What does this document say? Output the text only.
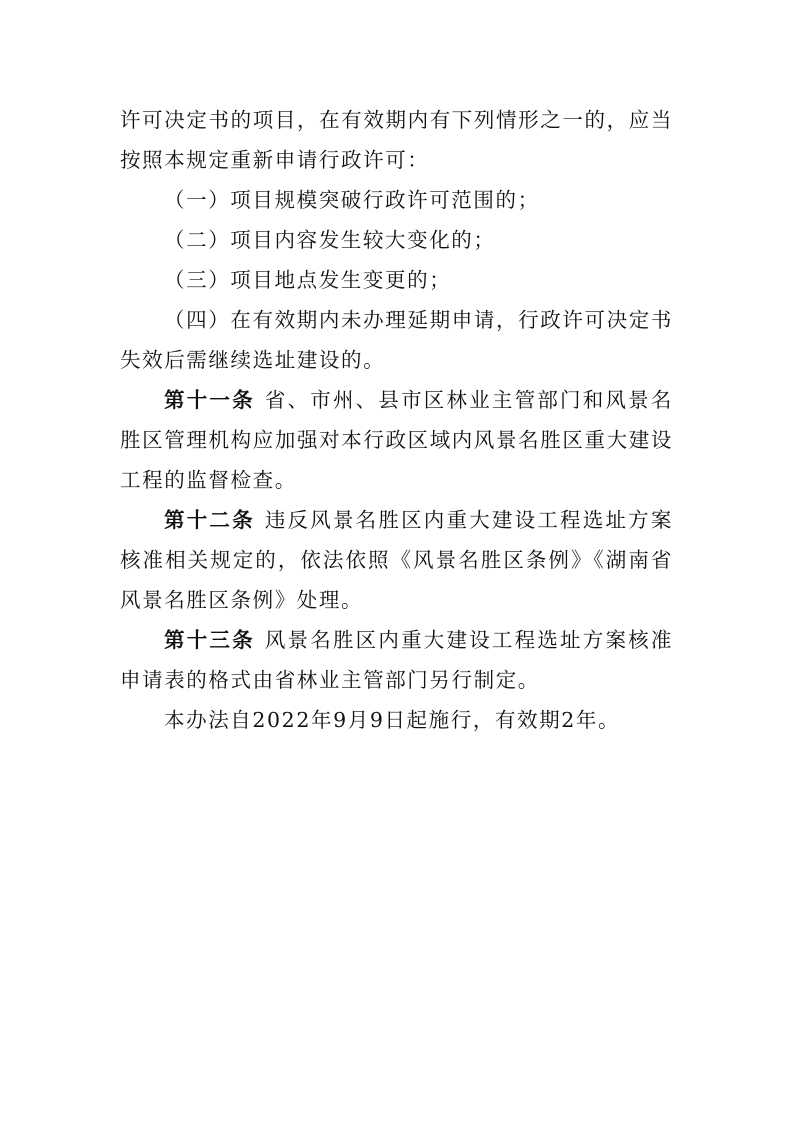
许可决定书的项目，在有效期内有下列情形之一的，应当按照本规定重新申请行政许可：

（一）项目规模突破行政许可范围的；

（二）项目内容发生较大变化的；

（三）项目地点发生变更的；

（四）在有效期内未办理延期申请，行政许可决定书失效后需继续选址建设的。

第十一条 省、市州、县市区林业主管部门和风景名胜区管理机构应加强对本行政区域内风景名胜区重大建设工程的监督检查。

第十二条 违反风景名胜区内重大建设工程选址方案核准相关规定的，依法依照《风景名胜区条例》《湖南省风景名胜区条例》处理。

第十三条 风景名胜区内重大建设工程选址方案核准申请表的格式由省林业主管部门另行制定。

本办法自2022年9月9日起施行，有效期2年。
